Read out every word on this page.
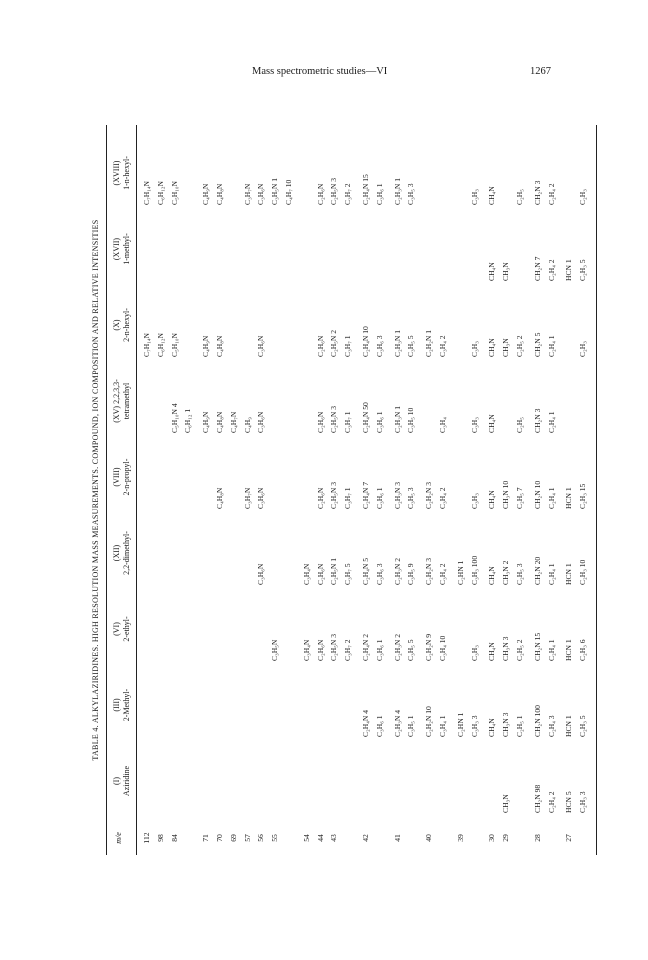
Mass spectrometric studies—VI	1267
TABLE 4. ALKYLAZIRIDINES. HIGH RESOLUTION MASS MEASUREMENTS. COMPOUND, ION COMPOSITION AND RELATIVE INTENSITIES
m/e
(I) Aziridine
(III) 2-Methyl-
(VI) 2-ethyl-
(XII) 2,2-dimethyl-
(VIII) 2-n-propyl-
(XV) 2,2,3,3- tetramethyl
(X) 2-n-hexyl-
(XVII) 1-methyl-
(XVIII) 1-n-hexyl-
112
C₇H₁₄N
C₇H₁₄N
98
C₆H₁₂N
C₆H₁₂N
84
C₅H₁₀N 4
C₅H₁₀N
C₅H₁₀N
C₆H₁₂ 1
71
C₄H₉N
C₄H₉N
C₄H₉N
70
C₄H₈N
C₄H₈N
C₄H₈N
C₄H₈N
69
C₄H₇N
57
C₃H₇N
C₄H₉
C₃H₇N
56
C₃H₆N
C₃H₆N
C₃H₆N
C₃H₆N
C₃H₆N
55
C₃H₅N
C₃H₅N 1 C₄H₇ 10
54
C₃H₄N
C₃H₄N
44
C₂H₆N
C₂H₆N
C₂H₆N
C₂H₆N
C₂H₆N
C₂H₆N
43
C₂H₅N 3
C₂H₅N 1
C₂H₅N 3
C₂H₅N 3
C₂H₅N 2
C₂H₅N 3
C₃H₇ 2
C₃H₇ 5
C₃H₇ 1
C₃H₇ 1
C₃H₇ 1
C₃H₇ 2
42
C₂H₄N 4
C₂H₄N 2
C₂H₄N 5
C₂H₄N 7
C₂H₄N 50
C₂H₄N 10
C₂H₄N 15
C₃H₆ 1
C₃H₆ 1
C₃H₆ 3
C₃H₆ 1
C₃H₆ 1
C₃H₆ 3
C₃H₆ 1
41
C₂H₃N 4
C₂H₃N 2
C₂H₃N 2
C₂H₃N 3
C₂H₃N 1
C₂H₃N 1
C₂H₃N 1
C₃H₅ 1
C₃H₅ 5
C₃H₅ 9
C₃H₅ 3
C₃H₅ 10
C₃H₅ 5
C₃H₅ 3
40
C₂H₂N 10
C₂H₂N 9
C₂H₂N 3
C₂H₂N 3
C₂H₂N 1
C₃H₄ 1
C₃H₄ 10
C₃H₄ 2
C₃H₄ 2
C₃H₄
C₃H₄ 2
39
C₂HN 1
C₂HN 1
C₃H₃ 3
C₃H₃
C₃H₃ 100
C₃H₃
C₃H₃
C₃H₃
C₃H₃
30
CH₄N
CH₄N
CH₄N
CH₄N
CH₄N
CH₄N
CH₄N
CH₄N
29
CH₃N
CH₃N 3
CH₃N 3
CH₃N 2
CH₃N 10
CH₃N
CH₃N
C₂H₅ 1
C₂H₅ 2
C₂H₅ 3
C₂H₅ 7
C₂H₅
C₂H₅ 2
C₂H₅
28
CH₂N 98
CH₂N 100
CH₂N 15
CH₂N 20
CH₂N 10
CH₂N 3
CH₂N 5
CH₂N 7
CH₂N 3
C₂H₄ 2
C₂H₄ 3
C₂H₄ 1
C₂H₄ 1
C₂H₄ 1
C₂H₄ 1
C₂H₄ 1
C₂H₄ 2
C₂H₄ 2
27
HCN 5
HCN 1
HCN 1
HCN 1
HCN 1
HCN 1
C₂H₃ 3
C₂H₃ 5
C₂H₃ 6
C₂H₃ 10
C₂H₃ 15
C₂H₃
C₂H₃ 5
C₂H₃
